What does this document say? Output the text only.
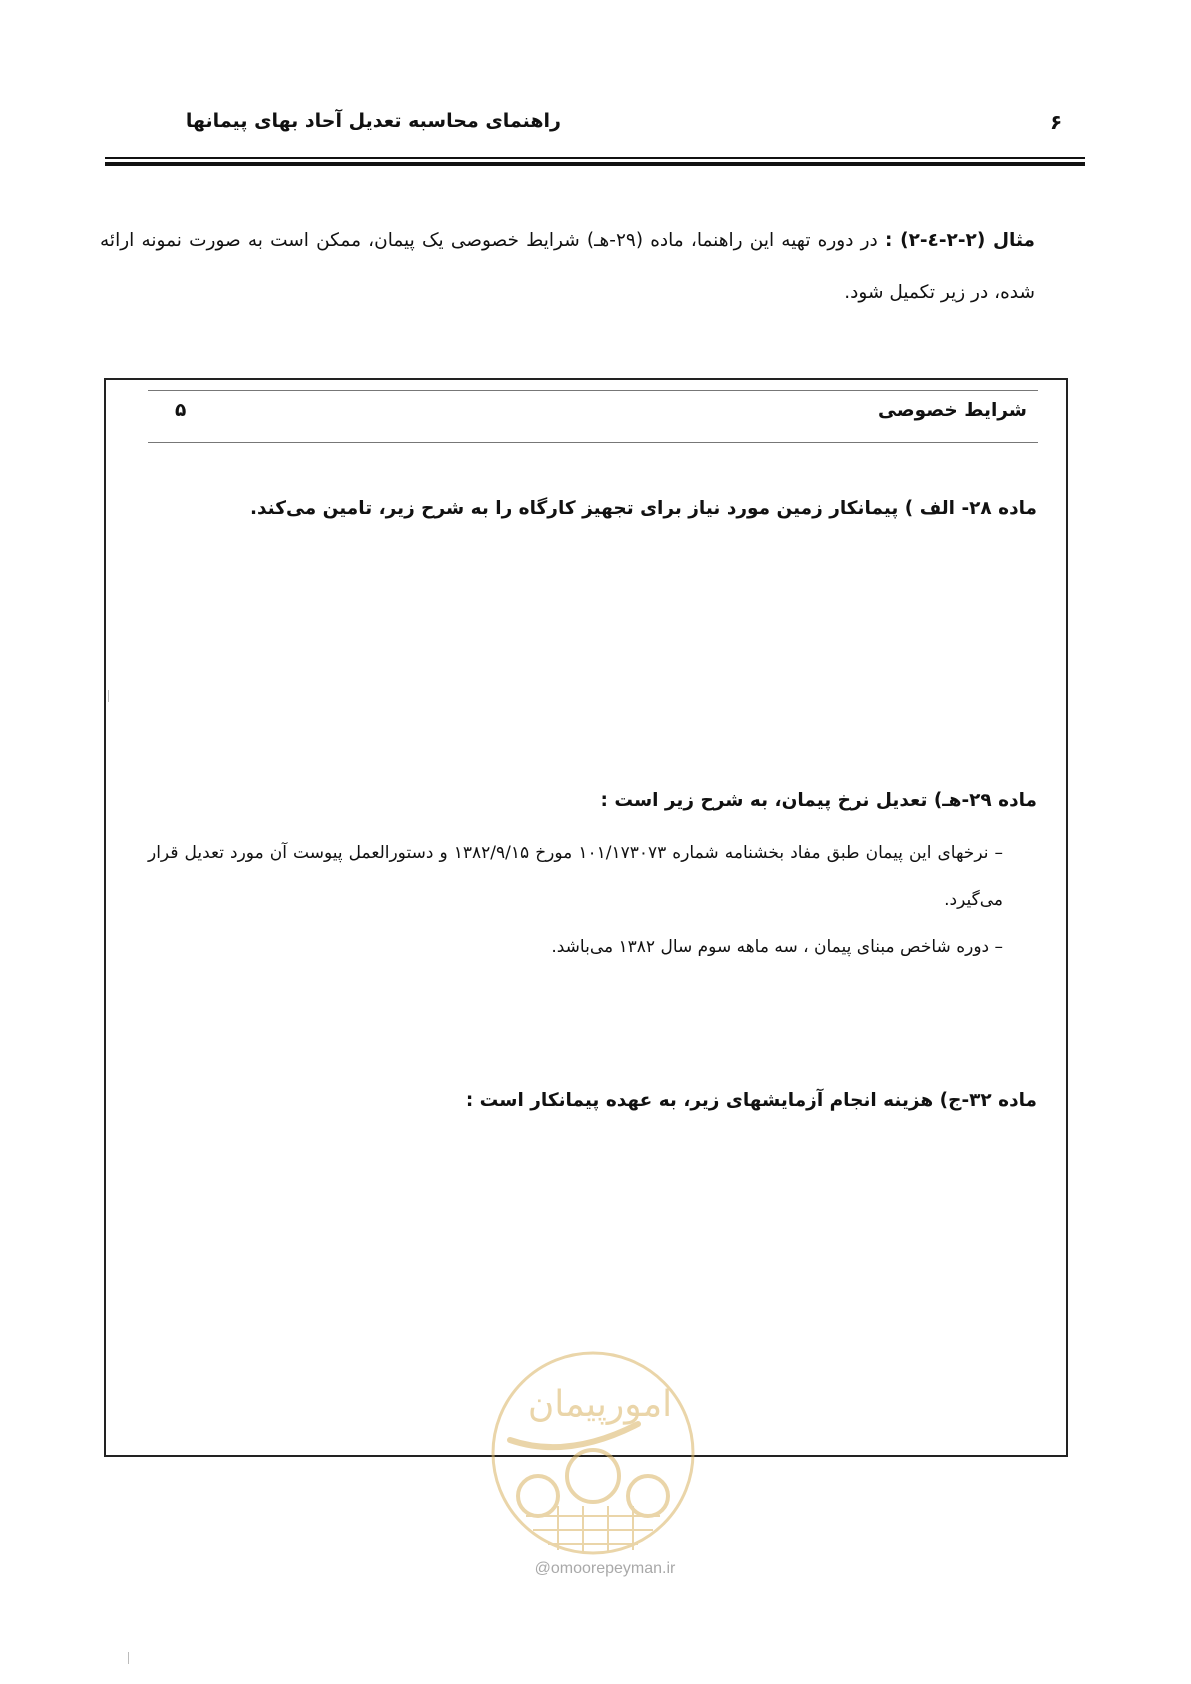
راهنمای محاسبه تعدیل آحاد بهای پیمانها	۶
مثال (۲-۲-٤-۲) : در دوره تهیه این راهنما، ماده (۲۹-هـ) شرایط خصوصی یک پیمان، ممکن است به صورت نمونه ارائه شده، در زیر تکمیل شود.
شرایط خصوصی
۵
ماده ۲۸- الف ) پیمانکار زمین مورد نیاز برای تجهیز کارگاه را به شرح زیر، تامین می‌کند.
ماده ۲۹-هـ) تعدیل نرخ پیمان، به شرح زیر است :

– نرخهای این پیمان طبق مفاد بخشنامه شماره ۱۰۱/۱۷۳۰۷۳ مورخ ۱۳۸۲/۹/۱۵ و دستورالعمل پیوست آن مورد تعدیل قرار می‌گیرد.

– دوره شاخص مبنای پیمان ، سه ماهه سوم سال ۱۳۸۲ می‌باشد.

ماده ۳۲-ج) هزینه انجام آزمایشهای زیر، به عهده پیمانکار است :
امورپیمان
@omoorepeyman.ir
